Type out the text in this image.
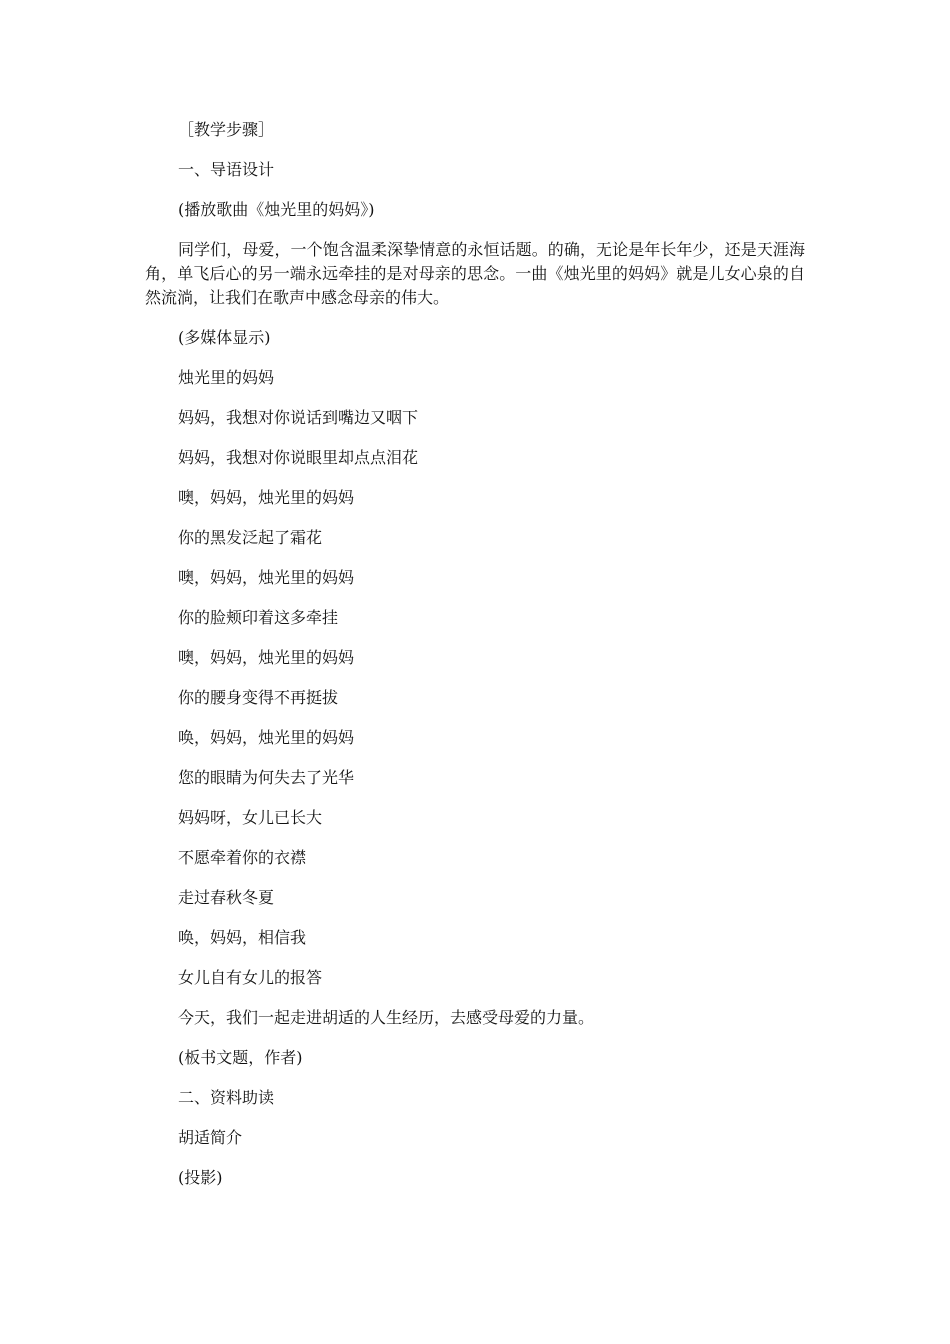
［教学步骤］
一、导语设计
(播放歌曲《烛光里的妈妈》)
同学们，母爱，一个饱含温柔深挚情意的永恒话题。的确，无论是年长年少，还是天涯海角，单飞后心的另一端永远牵挂的是对母亲的思念。一曲《烛光里的妈妈》就是儿女心泉的自然流淌，让我们在歌声中感念母亲的伟大。
(多媒体显示)
烛光里的妈妈
妈妈，我想对你说话到嘴边又咽下
妈妈，我想对你说眼里却点点泪花
噢，妈妈，烛光里的妈妈
你的黑发泛起了霜花
噢，妈妈，烛光里的妈妈
你的脸颊印着这多牵挂
噢，妈妈，烛光里的妈妈
你的腰身变得不再挺拔
唤，妈妈，烛光里的妈妈
您的眼睛为何失去了光华
妈妈呀，女儿已长大
不愿牵着你的衣襟
走过春秋冬夏
唤，妈妈，相信我
女儿自有女儿的报答
今天，我们一起走进胡适的人生经历，去感受母爱的力量。
(板书文题，作者)
二、资料助读
胡适简介
(投影)
